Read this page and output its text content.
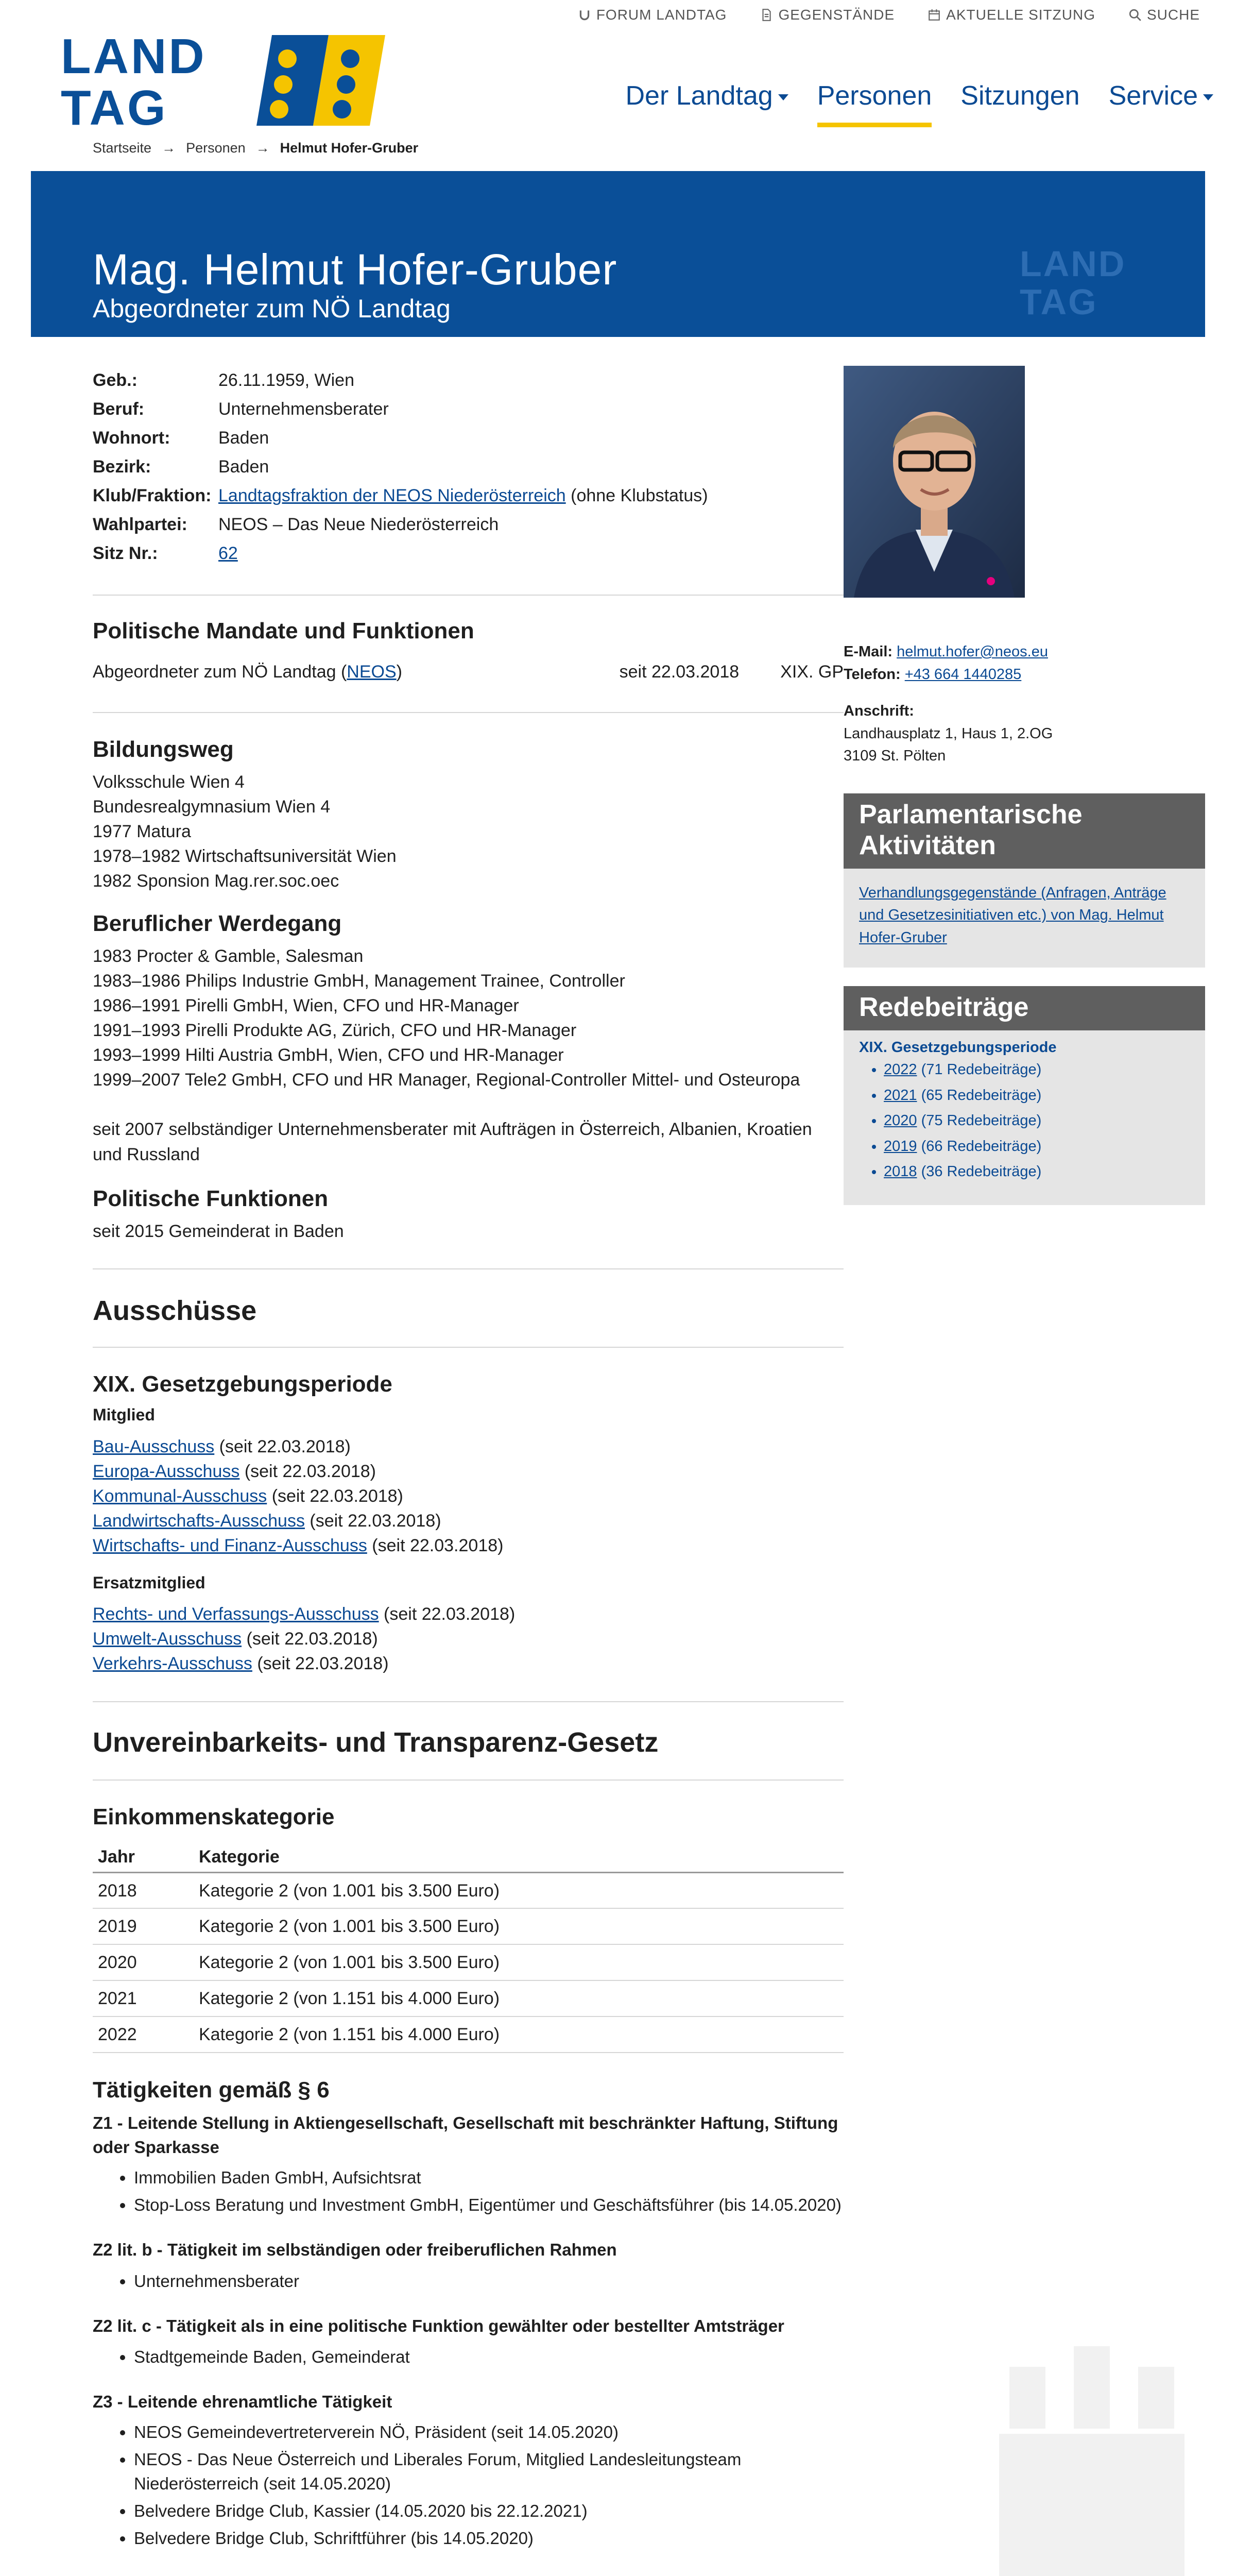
FORUM LANDTAG	GEGENSTÄNDE	AKTUELLE SITZUNG	SUCHE
LAND
TAG	Der Landtag	Personen Sitzungen Service
Startseite → Personen → Helmut Hofer-Gruber
Mag. Helmut Hofer-Gruber
Abgeordneter zum NÖ Landtag
LAND
TAG
Geb.:	26.11.1959, Wien
Beruf:	Unternehmensberater
Wohnort:	Baden
Bezirk:	Baden
Klub/Fraktion: Landtagsfraktion der NEOS Niederösterreich (ohne Klubstatus)
Wahlpartei:	NEOS – Das Neue Niederösterreich
Sitz Nr.:	62
Politische Mandate und Funktionen
Abgeordneter zum NÖ Landtag (NEOS)	seit 22.03.2018 XIX. GP
Bildungsweg
Volksschule Wien 4
Bundesrealgymnasium Wien 4
1977 Matura
1978–1982 Wirtschaftsuniversität Wien
1982 Sponsion Mag.rer.soc.oec
Beruflicher Werdegang
1983 Procter & Gamble, Salesman
1983–1986 Philips Industrie GmbH, Management Trainee, Controller
1986–1991 Pirelli GmbH, Wien, CFO und HR-Manager
1991–1993 Pirelli Produkte AG, Zürich, CFO und HR-Manager
1993–1999 Hilti Austria GmbH, Wien, CFO und HR-Manager
1999–2007 Tele2 GmbH, CFO und HR Manager, Regional-Controller Mittel- und Osteuropa
seit 2007 selbständiger Unternehmensberater mit Aufträgen in Österreich, Albanien, Kroatien und Russland
Politische Funktionen
seit 2015 Gemeinderat in Baden
Ausschüsse
XIX. Gesetzgebungsperiode
Mitglied
Bau-Ausschuss (seit 22.03.2018)
Europa-Ausschuss (seit 22.03.2018)
Kommunal-Ausschuss (seit 22.03.2018)
Landwirtschafts-Ausschuss (seit 22.03.2018)
Wirtschafts- und Finanz-Ausschuss (seit 22.03.2018)
Ersatzmitglied
Rechts- und Verfassungs-Ausschuss (seit 22.03.2018)
Umwelt-Ausschuss (seit 22.03.2018)
Verkehrs-Ausschuss (seit 22.03.2018)
Unvereinbarkeits- und Transparenz-Gesetz
Einkommenskategorie
Jahr	Kategorie
2018	Kategorie 2 (von 1.001 bis 3.500 Euro)
2019	Kategorie 2 (von 1.001 bis 3.500 Euro)
2020	Kategorie 2 (von 1.001 bis 3.500 Euro)
2021	Kategorie 2 (von 1.151 bis 4.000 Euro)
2022	Kategorie 2 (von 1.151 bis 4.000 Euro)
Tätigkeiten gemäß § 6
Z1 - Leitende Stellung in Aktiengesellschaft, Gesellschaft mit beschränkter Haftung, Stiftung oder Sparkasse
• Immobilien Baden GmbH, Aufsichtsrat
• Stop-Loss Beratung und Investment GmbH, Eigentümer und Geschäftsführer (bis 14.05.2020)
Z2 lit. b - Tätigkeit im selbständigen oder freiberuflichen Rahmen
• Unternehmensberater
Z2 lit. c - Tätigkeit als in eine politische Funktion gewählter oder bestellter Amtsträger
• Stadtgemeinde Baden, Gemeinderat
Z3 - Leitende ehrenamtliche Tätigkeit
• NEOS Gemeindevertreterverein NÖ, Präsident (seit 14.05.2020)
• NEOS - Das Neue Österreich und Liberales Forum, Mitglied Landesleitungsteam Niederösterreich (seit 14.05.2020)
• Belvedere Bridge Club, Kassier (14.05.2020 bis 22.12.2021)
• Belvedere Bridge Club, Schriftführer (bis 14.05.2020)
E-Mail: helmut.hofer@neos.eu
Telefon: +43 664 1440285
Anschrift:
Landhausplatz 1, Haus 1, 2.OG
3109 St. Pölten
Parlamentarische Aktivitäten
Verhandlungsgegenstände (Anfragen, Anträge und Gesetzesinitiativen etc.) von Mag. Helmut Hofer-Gruber
Redebeiträge
XIX. Gesetzgebungsperiode
• 2022 (71 Redebeiträge)
• 2021 (65 Redebeiträge)
• 2020 (75 Redebeiträge)
• 2019 (66 Redebeiträge)
• 2018 (36 Redebeiträge)
